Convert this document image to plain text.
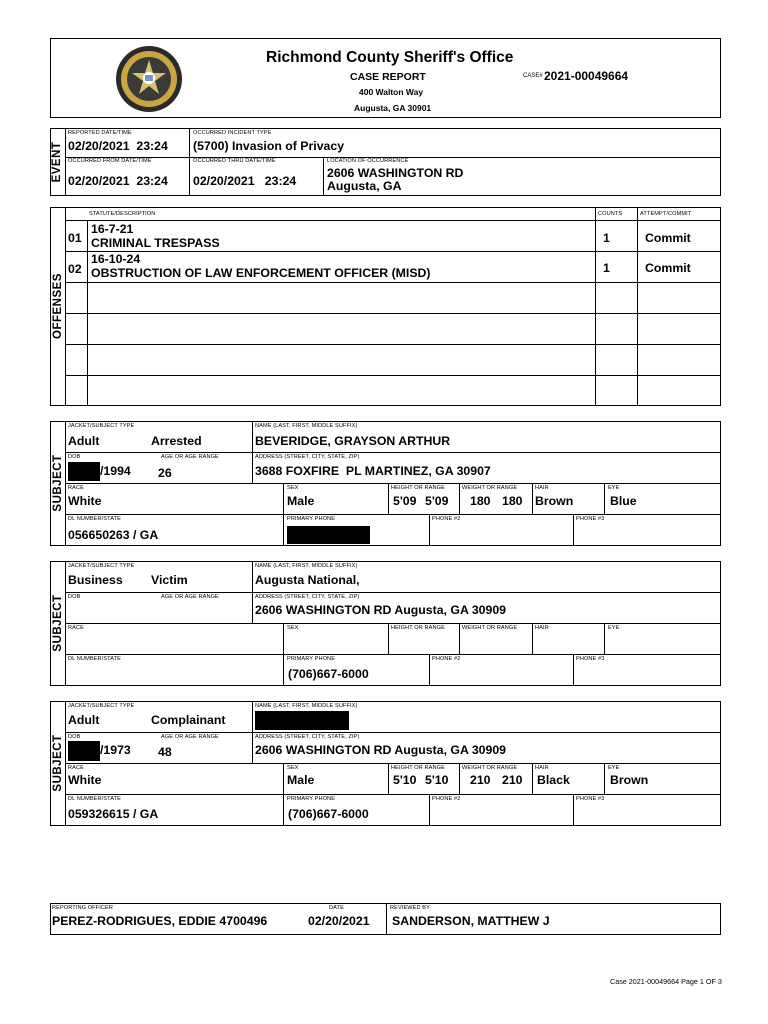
Richmond County Sheriff's Office
CASE REPORT
400 Walton Way
Augusta, GA 30901
CASE# 2021-00049664
EVENT
REPORTED DATE/TIME
02/20/2021  23:24
OCCURRED INCIDENT TYPE
(5700) Invasion of Privacy
OCCURRED FROM DATE/TIME
02/20/2021  23:24
OCCURRED THRU DATE/TIME
02/20/2021   23:24
LOCATION OF OCCURRENCE
2606 WASHINGTON RD
Augusta, GA
OFFENSES
STATUTE/DESCRIPTION	COUNTS	ATTEMPT/COMMIT
01
16-7-21
CRIMINAL TRESPASS	1	Commit
02
16-10-24
OBSTRUCTION OF LAW ENFORCEMENT OFFICER (MISD)	1	Commit
SUBJECT
JACKET/SUBJECT TYPE
Adult	Arrested
NAME (LAST, FIRST, MIDDLE SUFFIX)
BEVERIDGE, GRAYSON ARTHUR
DOB
/1994
AGE OR AGE RANGE
26
ADDRESS (STREET, CITY, STATE, ZIP)
3688 FOXFIRE  PL MARTINEZ, GA 30907
RACE
White
SEX
Male
HEIGHT OR RANGE
5'09 5'09
WEIGHT OR RANGE
180 180
HAIR
Brown
EYE
Blue
DL NUMBER/STATE
056650263 / GA
PRIMARY PHONE	PHONE #2	PHONE #3
SUBJECT
JACKET/SUBJECT TYPE
Business Victim
NAME (LAST, FIRST, MIDDLE SUFFIX)
Augusta National,
DOB	AGE OR AGE RANGE	ADDRESS (STREET, CITY, STATE, ZIP)
2606 WASHINGTON RD Augusta, GA 30909
RACE	SEX	HEIGHT OR RANGE	WEIGHT OR RANGE	HAIR	EYE
DL NUMBER/STATE	PRIMARY PHONE
(706)667-6000
PHONE #2	PHONE #3
SUBJECT
JACKET/SUBJECT TYPE
Adult	Complainant
NAME (LAST, FIRST, MIDDLE SUFFIX)
DOB
/1973
AGE OR AGE RANGE
48
ADDRESS (STREET, CITY, STATE, ZIP)
2606 WASHINGTON RD Augusta, GA 30909
RACE
White
SEX
Male
HEIGHT OR RANGE
5'10 5'10
WEIGHT OR RANGE
210 210
HAIR
Black
EYE
Brown
DL NUMBER/STATE
059326615 / GA
PRIMARY PHONE
(706)667-6000
PHONE #2	PHONE #3
REPORTING OFFICER
PEREZ-RODRIGUES, EDDIE 4700496
DATE
02/20/2021
REVIEWED BY
SANDERSON, MATTHEW J
Case 2021-00049664 Page 1 OF 3
